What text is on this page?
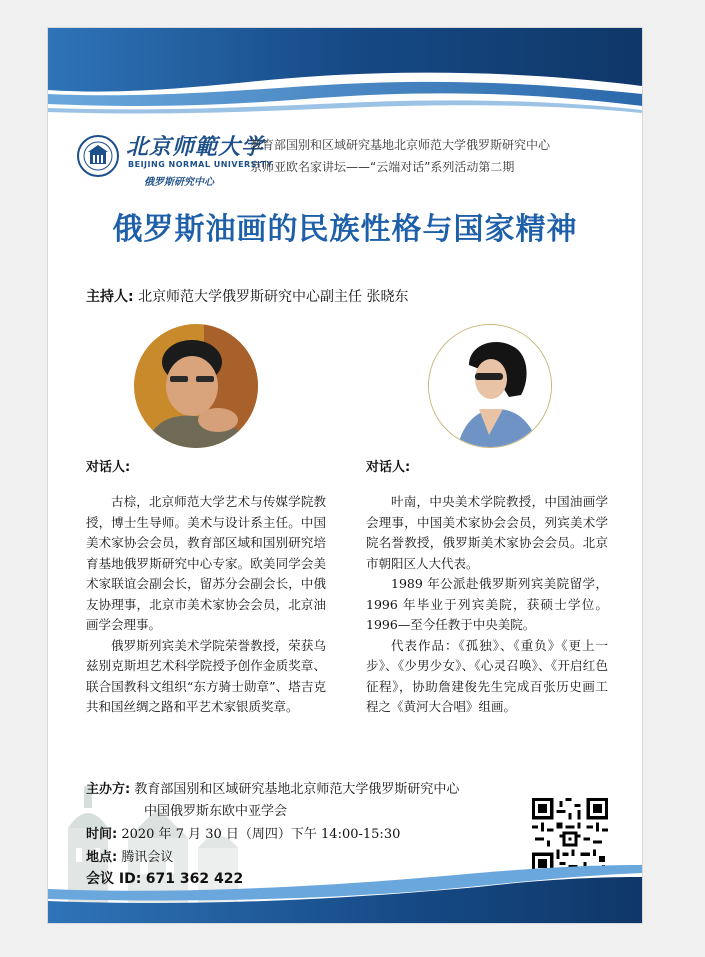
北京师範大学
BEIJING NORMAL UNIVERSITY
俄罗斯研究中心
教育部国别和区域研究基地北京师范大学俄罗斯研究中心
京师亚欧名家讲坛——“云端对话”系列活动第二期
俄罗斯油画的民族性格与国家精神
主持人: 北京师范大学俄罗斯研究中心副主任 张晓东
对话人:	对话人:

古棕，北京师范大学艺术与传媒学院教授，博士生导师。美术与设计系主任。中国美术家协会会员，教育部区域和国别研究培育基地俄罗斯研究中心专家。欧美同学会美术家联谊会副会长，留苏分会副会长，中俄友协理事，北京市美术家协会会员，北京油画学会理事。

俄罗斯列宾美术学院荣誉教授，荣获乌兹别克斯坦艺术科学院授予创作金质奖章、联合国教科文组织“东方骑士勋章”、塔吉克共和国丝绸之路和平艺术家银质奖章。

叶南，中央美术学院教授，中国油画学会理事，中国美术家协会会员，列宾美术学院名誉教授，俄罗斯美术家协会会员。北京市朝阳区人大代表。

1989 年公派赴俄罗斯列宾美院留学，1996 年毕业于列宾美院，获硕士学位。1996—至今任教于中央美院。

代表作品：《孤独》、《重负》《更上一步》、《少男少女》、《心灵召唤》、《开启红色征程》，协助詹建俊先生完成百张历史画工程之《黄河大合唱》组画。

主办方: 教育部国别和区域研究基地北京师范大学俄罗斯研究中心
中国俄罗斯东欧中亚学会
时间: 2020 年 7 月 30 日（周四）下午 14:00-15:30
地点: 腾讯会议
会议 ID: 671 362 422
